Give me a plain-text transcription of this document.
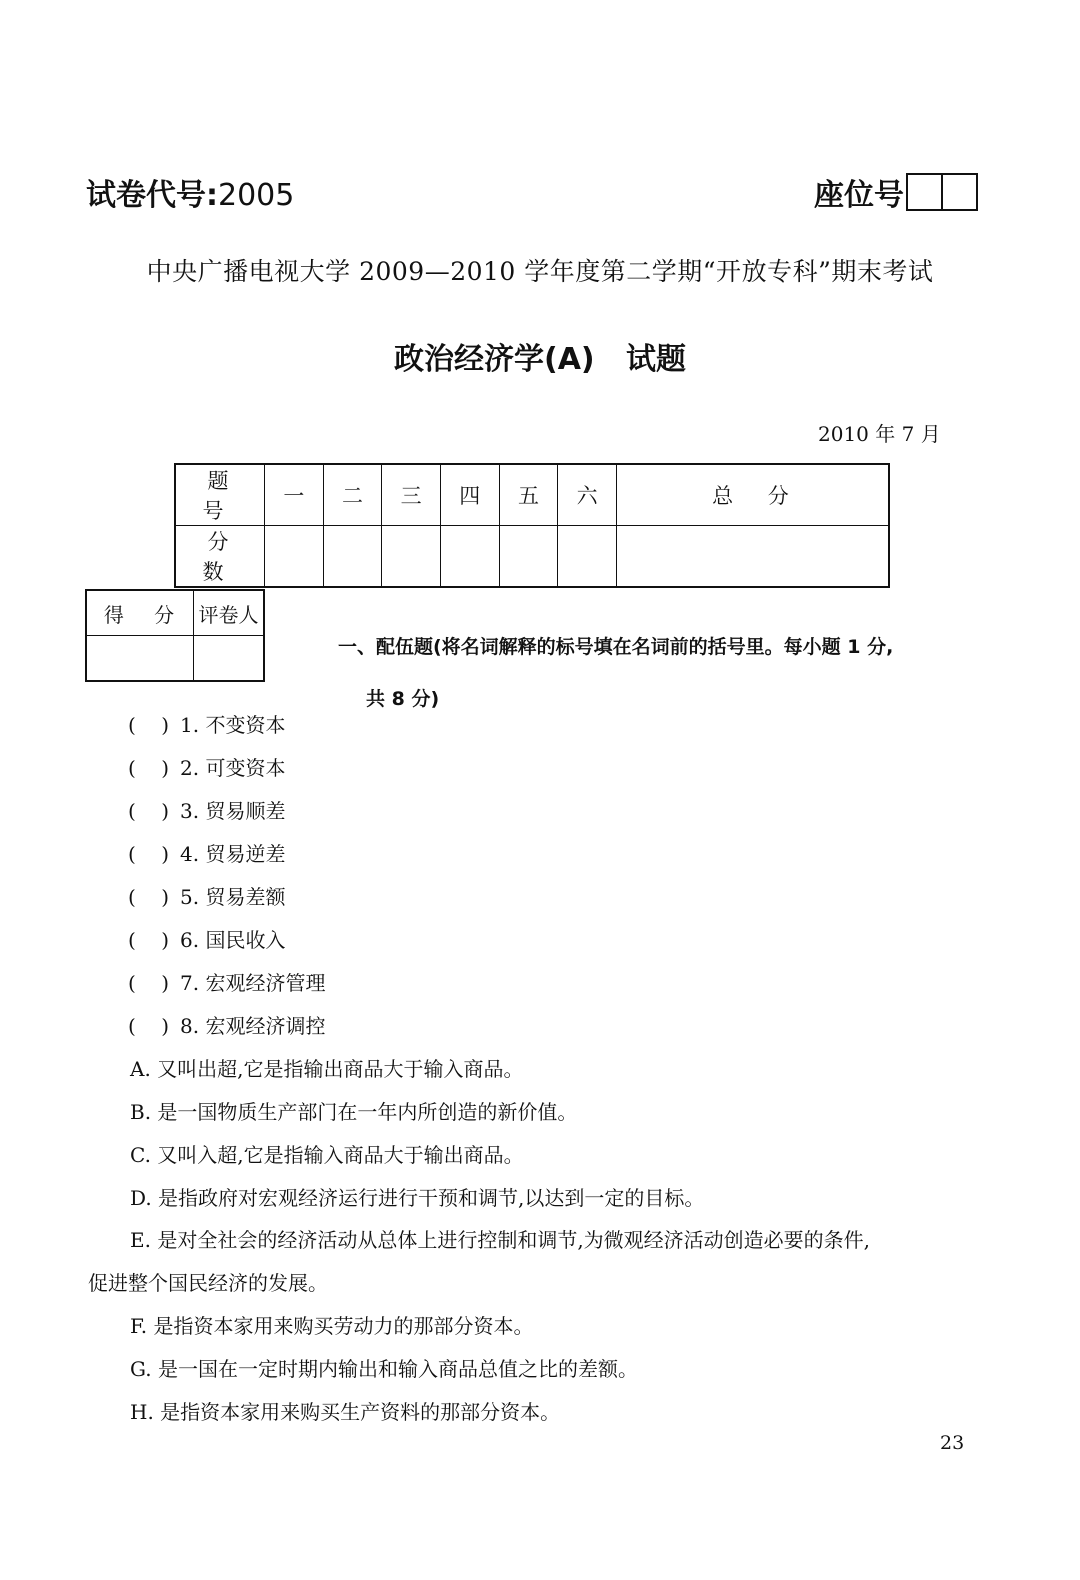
试卷代号:2005	座位号
中央广播电视大学 2009—2010 学年度第二学期“开放专科”期末考试
政治经济学(A)   试题
2010 年 7 月
题 号	一	二	三	四	五	六	总 分
分 数							
得 分	评卷人

一、配伍题(将名词解释的标号填在名词前的括号里。每小题 1 分,
共 8 分)
(    ) 1. 不变资本
(    ) 2. 可变资本
(    ) 3. 贸易顺差
(    ) 4. 贸易逆差
(    ) 5. 贸易差额
(    ) 6. 国民收入
(    ) 7. 宏观经济管理
(    ) 8. 宏观经济调控
A. 又叫出超,它是指输出商品大于输入商品。
B. 是一国物质生产部门在一年内所创造的新价值。
C. 又叫入超,它是指输入商品大于输出商品。
D. 是指政府对宏观经济运行进行干预和调节,以达到一定的目标。
E. 是对全社会的经济活动从总体上进行控制和调节,为微观经济活动创造必要的条件,
促进整个国民经济的发展。
F. 是指资本家用来购买劳动力的那部分资本。
G. 是一国在一定时期内输出和输入商品总值之比的差额。
H. 是指资本家用来购买生产资料的那部分资本。
23
